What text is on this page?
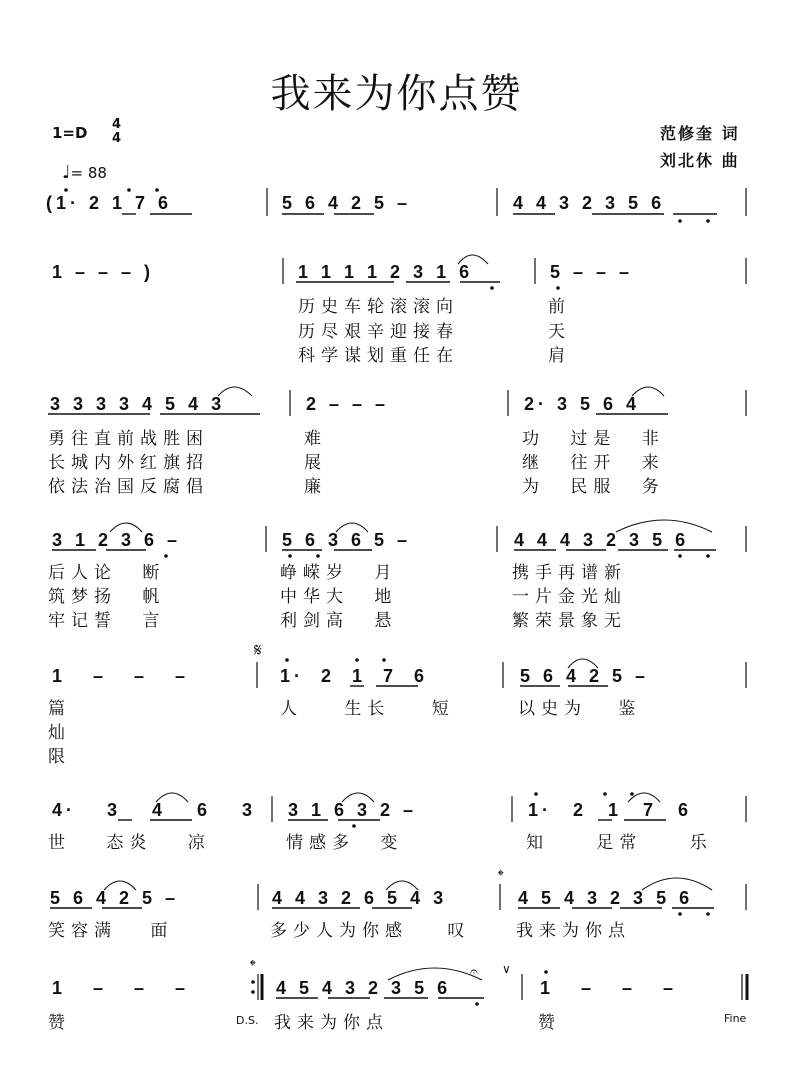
我来为你点赞
1=D 4
4
♩= 88
范修奎 词
刘北休 曲
𝄋
𝄌
𝄌	𝄐 ∨
D.S.	Fine
(1· 2 1 7 6	5 6 4 2 5 –	4 4 3 2 3 5 6
1 – – – )	1 1 1 1 2 3 1 6	5 – – –
历史车轮滚滚向	前
历尽艰辛迎接春	天
科学谋划重任在	肩
3 3 3 3 4 5 4 3	2 – – –	2· 3 5 6 4
勇往直前战胜困	难	功 过是 非
长城内外红旗招	展	继 往开 来
依法治国反腐倡	廉	为 民服 务
3 1 2 3 6 –	5 6 3 6 5 –	4 4 4 3 2 3 5 6
后人论 断	峥嵘岁 月	携手再谱新
筑梦扬 帆	中华大 地	一片金光灿
牢记誓 言	利剑高 悬	繁荣景象无
1 – – –	1· 2 1 7 6	5 6 4 2 5 –
篇	人 生长 短	以史为 鉴
灿
限
4· 3 4 6 3 3 1 6 3 2 –	1· 2 1 7 6
世 态炎 凉	情感多 变	知 足常 乐
5 6 4 2 5 –	4 4 3 2 6 5 4 3	4 5 4 3 2 3 5 6
笑容满 面	多少人为你感 叹	我来为你点
1 – – –	4 5 4 3 2 3 5 6	1 – – –
赞	我来为你点	赞
